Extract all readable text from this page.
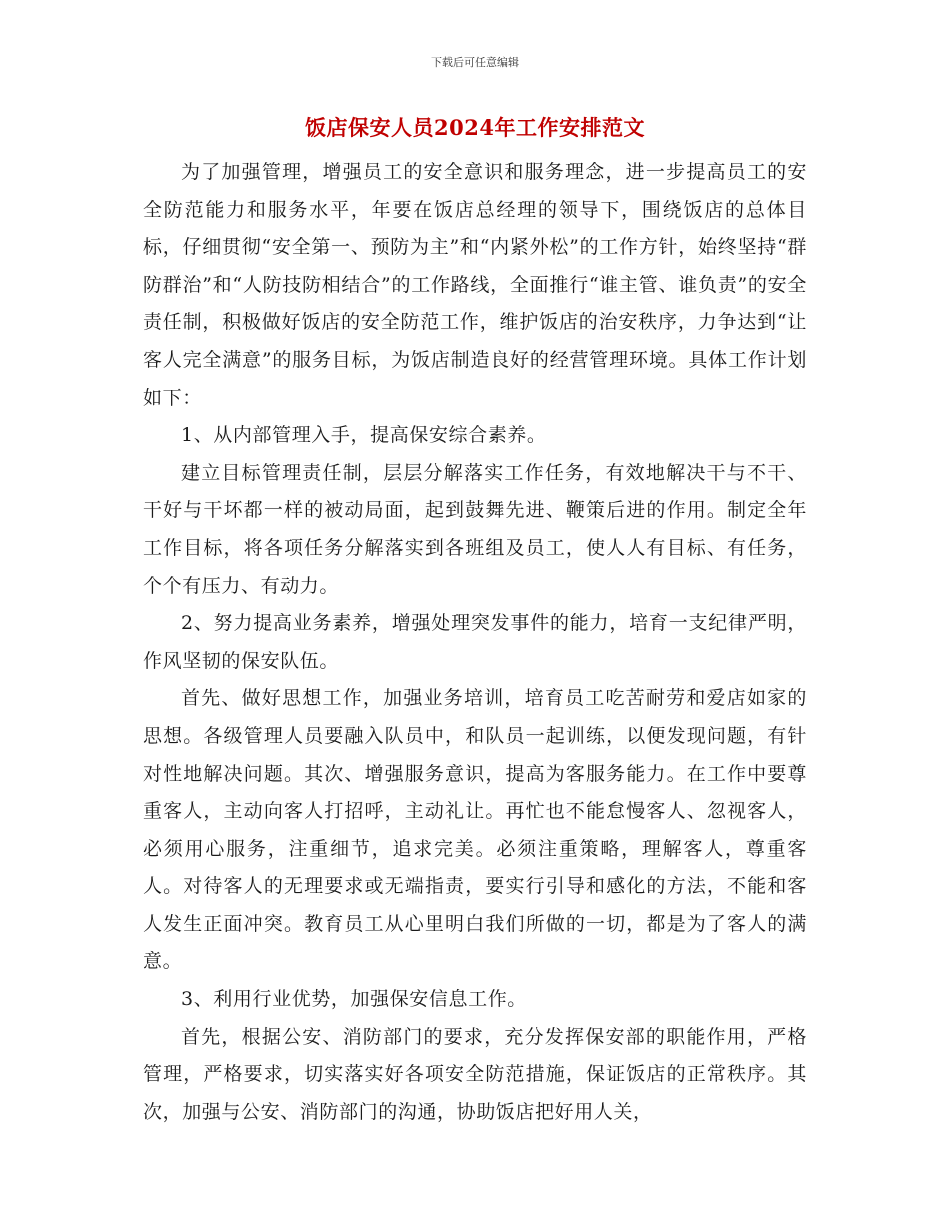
下载后可任意编辑
饭店保安人员2024年工作安排范文

为了加强管理，增强员工的安全意识和服务理念，进一步提高员工的安全防范能力和服务水平，年要在饭店总经理的领导下，围绕饭店的总体目标，仔细贯彻“安全第一、预防为主”和“内紧外松”的工作方针，始终坚持“群防群治”和“人防技防相结合”的工作路线，全面推行“谁主管、谁负责”的安全责任制，积极做好饭店的安全防范工作，维护饭店的治安秩序，力争达到“让客人完全满意”的服务目标，为饭店制造良好的经营管理环境。具体工作计划如下：

1、从内部管理入手，提高保安综合素养。

建立目标管理责任制，层层分解落实工作任务，有效地解决干与不干、干好与干坏都一样的被动局面，起到鼓舞先进、鞭策后进的作用。制定全年工作目标，将各项任务分解落实到各班组及员工，使人人有目标、有任务，个个有压力、有动力。

2、努力提高业务素养，增强处理突发事件的能力，培育一支纪律严明，作风坚韧的保安队伍。

首先、做好思想工作，加强业务培训，培育员工吃苦耐劳和爱店如家的思想。各级管理人员要融入队员中，和队员一起训练，以便发现问题，有针对性地解决问题。其次、增强服务意识，提高为客服务能力。在工作中要尊重客人，主动向客人打招呼，主动礼让。再忙也不能怠慢客人、忽视客人，必须用心服务，注重细节，追求完美。必须注重策略，理解客人，尊重客人。对待客人的无理要求或无端指责，要实行引导和感化的方法，不能和客人发生正面冲突。教育员工从心里明白我们所做的一切，都是为了客人的满意。

3、利用行业优势，加强保安信息工作。

首先，根据公安、消防部门的要求，充分发挥保安部的职能作用，严格管理，严格要求，切实落实好各项安全防范措施，保证饭店的正常秩序。其次，加强与公安、消防部门的沟通，协助饭店把好用人关，
